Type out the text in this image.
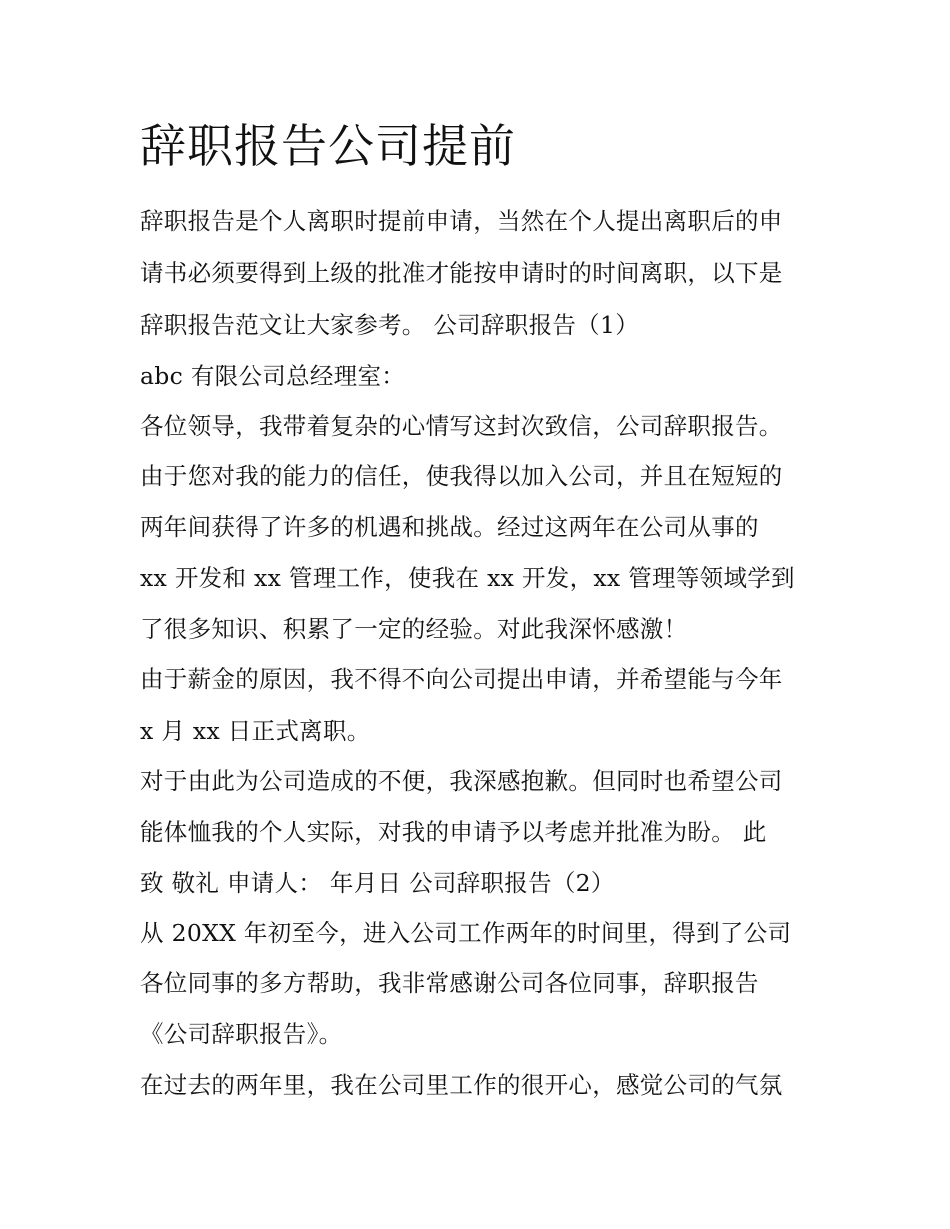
辞职报告公司提前
辞职报告是个人离职时提前申请，当然在个人提出离职后的申
请书必须要得到上级的批准才能按申请时的时间离职，以下是
辞职报告范文让大家参考。 公司辞职报告（1）
abc 有限公司总经理室：
各位领导，我带着复杂的心情写这封次致信，公司辞职报告。
由于您对我的能力的信任，使我得以加入公司，并且在短短的
两年间获得了许多的机遇和挑战。经过这两年在公司从事的
xx 开发和 xx 管理工作，使我在 xx 开发，xx 管理等领域学到
了很多知识、积累了一定的经验。对此我深怀感激！
由于薪金的原因，我不得不向公司提出申请，并希望能与今年
x 月 xx 日正式离职。
对于由此为公司造成的不便，我深感抱歉。但同时也希望公司
能体恤我的个人实际，对我的申请予以考虑并批准为盼。 此
致 敬礼 申请人： 年月日 公司辞职报告（2）
从 20XX 年初至今，进入公司工作两年的时间里，得到了公司
各位同事的多方帮助，我非常感谢公司各位同事，辞职报告
《公司辞职报告》。
在过去的两年里，我在公司里工作的很开心，感觉公司的气氛
